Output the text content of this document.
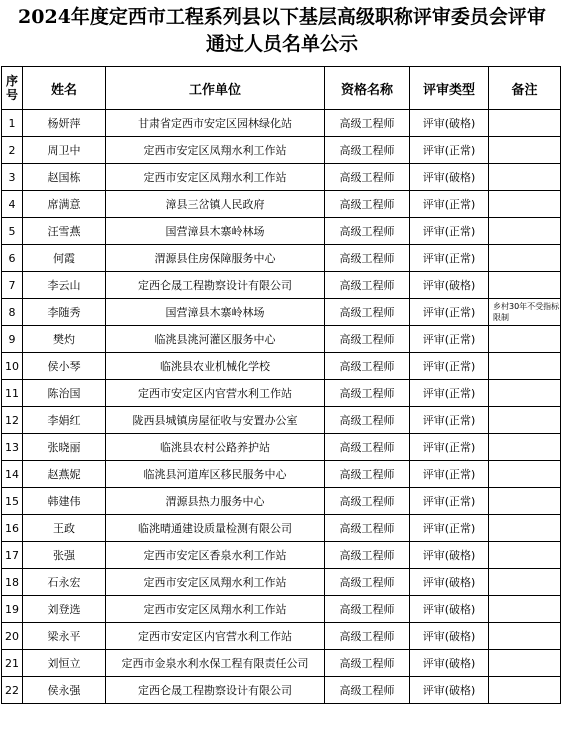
2024年度定西市工程系列县以下基层高级职称评审委员会评审
通过人员名单公示
序号	姓名	工作单位	资格名称	评审类型	备注
1	杨妍萍	甘肃省定西市安定区园林绿化站	高级工程师	评审(破格)	
2	周卫中	定西市安定区凤翔水利工作站	高级工程师	评审(正常)	
3	赵国栋	定西市安定区凤翔水利工作站	高级工程师	评审(破格)	
4	席满意	漳县三岔镇人民政府	高级工程师	评审(正常)	
5	汪雪燕	国营漳县木寨岭林场	高级工程师	评审(正常)	
6	何霞	渭源县住房保障服务中心	高级工程师	评审(正常)	
7	李云山	定西仑晟工程勘察设计有限公司	高级工程师	评审(破格)	
8	李随秀	国营漳县木寨岭林场	高级工程师	评审(正常)	乡村30年不受指标限制
9	樊灼	临洮县洮河灌区服务中心	高级工程师	评审(正常)	
10	侯小琴	临洮县农业机械化学校	高级工程师	评审(正常)	
11	陈治国	定西市安定区内官营水利工作站	高级工程师	评审(正常)	
12	李娟红	陇西县城镇房屋征收与安置办公室	高级工程师	评审(正常)	
13	张晓丽	临洮县农村公路养护站	高级工程师	评审(正常)	
14	赵燕妮	临洮县河道库区移民服务中心	高级工程师	评审(正常)	
15	韩建伟	渭源县热力服务中心	高级工程师	评审(正常)	
16	王政	临洮晴通建设质量检测有限公司	高级工程师	评审(正常)	
17	张强	定西市安定区香泉水利工作站	高级工程师	评审(破格)	
18	石永宏	定西市安定区凤翔水利工作站	高级工程师	评审(破格)	
19	刘登选	定西市安定区凤翔水利工作站	高级工程师	评审(破格)	
20	梁永平	定西市安定区内官营水利工作站	高级工程师	评审(破格)	
21	刘恒立	定西市金泉水利水保工程有限责任公司	高级工程师	评审(破格)	
22	侯永强	定西仑晟工程勘察设计有限公司	高级工程师	评审(破格)	
